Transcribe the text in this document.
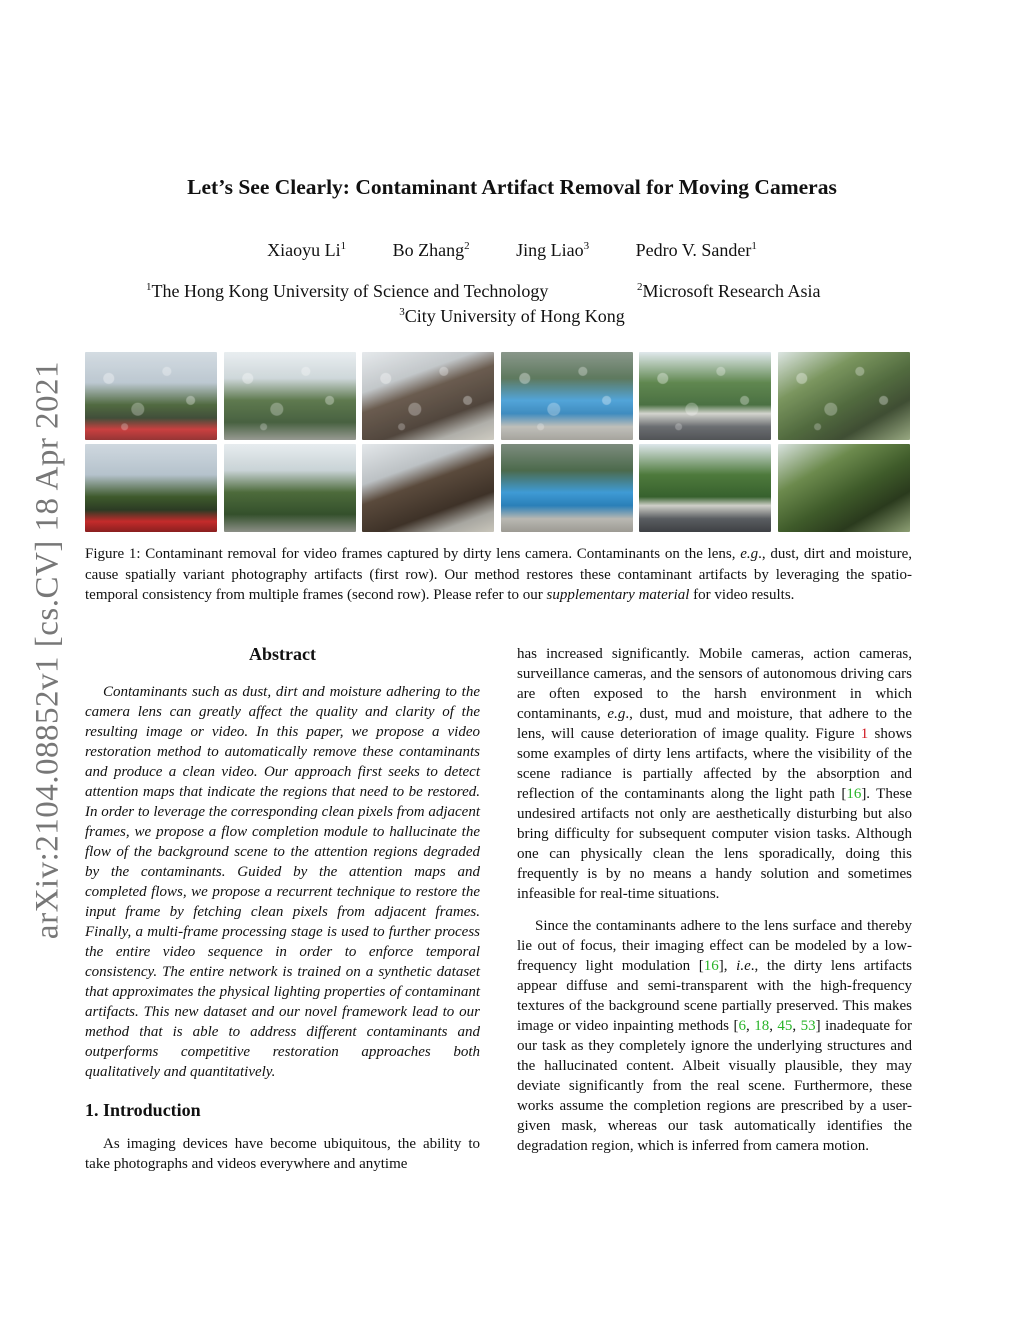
arXiv:2104.08852v1 [cs.CV] 18 Apr 2021
Let’s See Clearly: Contaminant Artifact Removal for Moving Cameras
Xiaoyu Li$^1$	Bo Zhang$^2$	Jing Liao$^3$	Pedro V. Sander$^1$
$^1$The Hong Kong University of Science and Technology	$^2$Microsoft Research Asia
$^3$City University of Hong Kong

Figure 1: Contaminant removal for video frames captured by dirty lens camera. Contaminants on the lens, e.g., dust, dirt and moisture, cause spatially variant photography artifacts (first row). Our method restores these contaminant artifacts by leveraging the spatio-temporal consistency from multiple frames (second row). Please refer to our supplementary material for video results.

Abstract

Contaminants such as dust, dirt and moisture adhering to the camera lens can greatly affect the quality and clarity of the resulting image or video. In this paper, we propose a video restoration method to automatically remove these contaminants and produce a clean video. Our approach first seeks to detect attention maps that indicate the regions that need to be restored. In order to leverage the corresponding clean pixels from adjacent frames, we propose a flow completion module to hallucinate the flow of the background scene to the attention regions degraded by the contaminants. Guided by the attention maps and completed flows, we propose a recurrent technique to restore the input frame by fetching clean pixels from adjacent frames. Finally, a multi-frame processing stage is used to further process the entire video sequence in order to enforce temporal consistency. The entire network is trained on a synthetic dataset that approximates the physical lighting properties of contaminant artifacts. This new dataset and our novel framework lead to our method that is able to address different contaminants and outperforms competitive restoration approaches both qualitatively and quantitatively.

1. Introduction

As imaging devices have become ubiquitous, the ability to take photographs and videos everywhere and anytime

has increased significantly. Mobile cameras, action cameras, surveillance cameras, and the sensors of autonomous driving cars are often exposed to the harsh environment in which contaminants, e.g., dust, mud and moisture, that adhere to the lens, will cause deterioration of image quality. Figure 1 shows some examples of dirty lens artifacts, where the visibility of the scene radiance is partially affected by the absorption and reflection of the contaminants along the light path [16]. These undesired artifacts not only are aesthetically disturbing but also bring difficulty for subsequent computer vision tasks. Although one can physically clean the lens sporadically, doing this frequently is by no means a handy solution and sometimes infeasible for real-time situations.

Since the contaminants adhere to the lens surface and thereby lie out of focus, their imaging effect can be modeled by a low-frequency light modulation [16], i.e., the dirty lens artifacts appear diffuse and semi-transparent with the high-frequency textures of the background scene partially preserved. This makes image or video inpainting methods [6, 18, 45, 53] inadequate for our task as they completely ignore the underlying structures and the hallucinated content. Albeit visually plausible, they may deviate significantly from the real scene. Furthermore, these works assume the completion regions are prescribed by a user-given mask, whereas our task automatically identifies the degradation region, which is inferred from camera motion.
